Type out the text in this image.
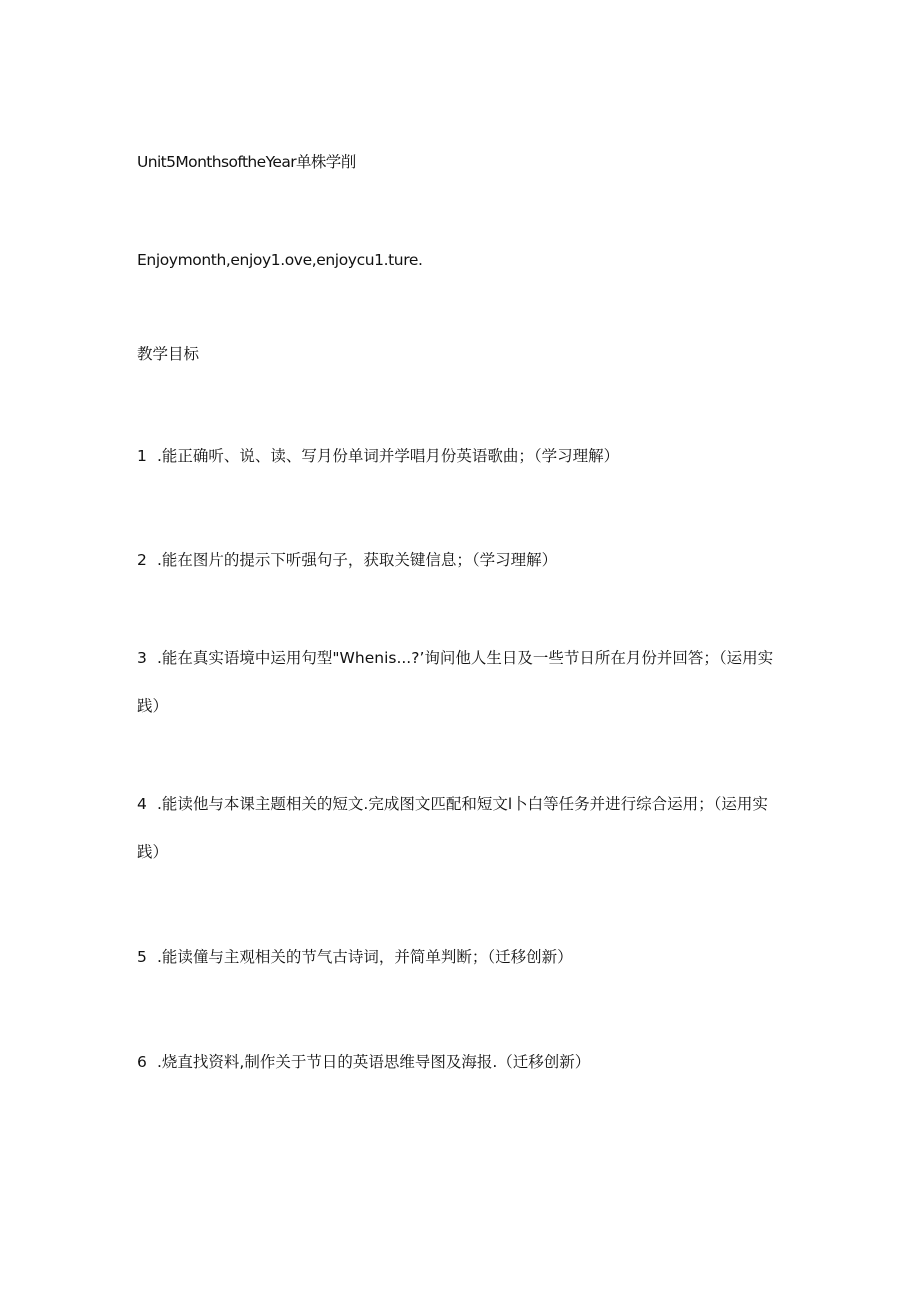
Unit5MonthsoftheYear单株学削

Enjoymonth,enjoy1.ove,enjoycu1.ture.

教学目标
1 .能正确听、说、读、写月份单词并学唱月份英语歌曲；（学习理解）
2 .能在图片的提示下听强句子，获取关键信息；（学习理解）
3 .能在真实语境中运用句型"Whenis...?’询问他人生日及一些节日所在月份并回答；（运用实
践）
4 .能读他与本课主题相关的短文.完成图文匹配和短文l卜白等任务并进行综合运用；（运用实
践）
5 .能读僮与主观相关的节气古诗词，并简单判断；（迁移创新）
6 .烧直找资料,制作关于节日的英语思维导图及海报.（迁移创新）
